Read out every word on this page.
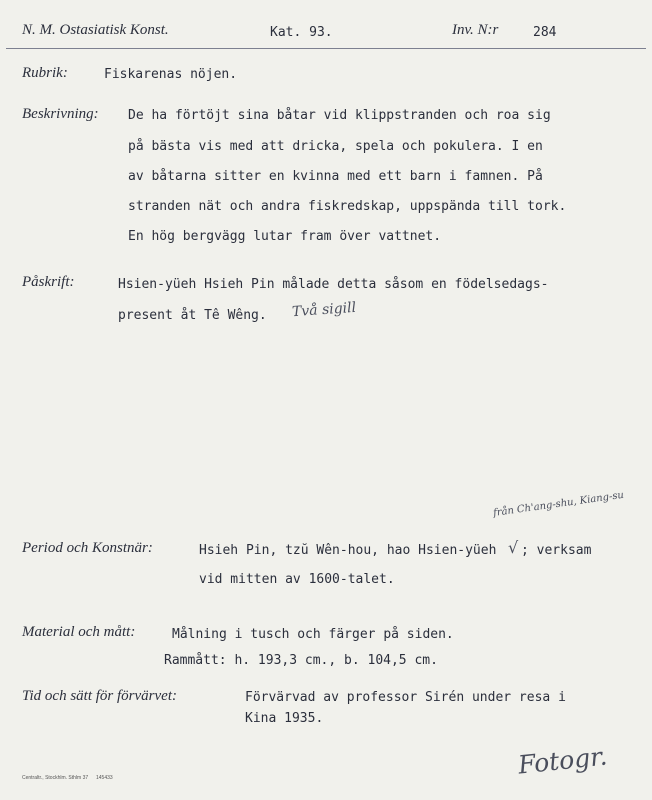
N. M. Ostasiatisk Konst.	Kat. 93.	Inv. N:r	284
Rubrik:	Fiskarenas nöjen.
Beskrivning: De ha förtöjt sina båtar vid klippstranden och roa sig
på bästa vis med att dricka, spela och pokulera. I en
av båtarna sitter en kvinna med ett barn i famnen. På
stranden nät och andra fiskredskap, uppspända till tork.
En hög bergvägg lutar fram över vattnet.
Påskrift:	Hsien-yüeh Hsieh Pin målade detta såsom en födelsedags-
present åt Tê Wêng. Två sigill
från Ch'ang-shu, Kiang-su
Period och Konstnär:	Hsieh Pin, tzŭ Wên-hou, hao Hsien-yüeh √ ; verksam
vid mitten av 1600-talet.
Material och mått:	Målning i tusch och färger på siden.
Rammått: h. 193,3 cm., b. 104,5 cm.
Tid och sätt för förvärvet:	Förvärvad av professor Sirén under resa i
Kina 1935.
Centraltr., Stockhlm. Sthlm 37 145433	Fotogr.
